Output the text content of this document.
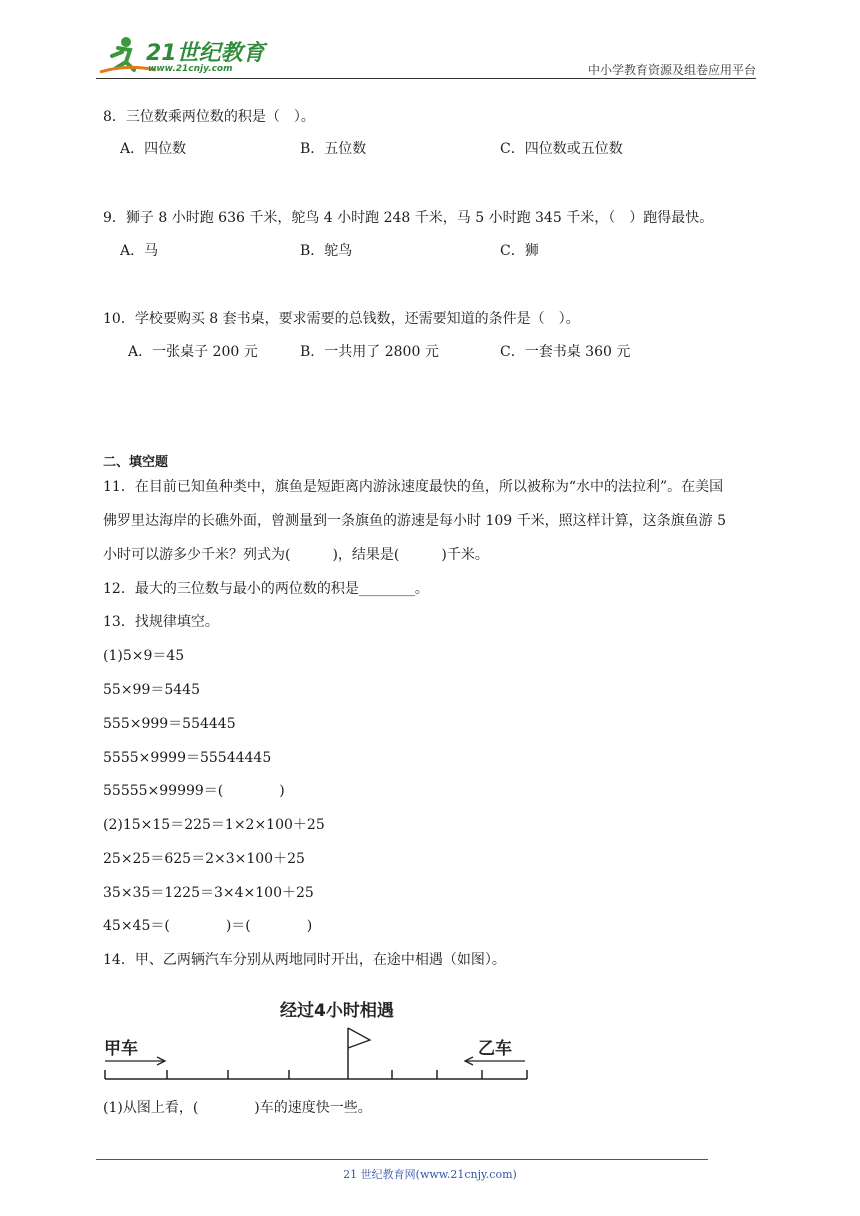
21世纪教育
www.21cnjy.com	中小学教育资源及组卷应用平台
8．三位数乘两位数的积是（　）。
A．四位数	B．五位数	C．四位数或五位数
9．狮子 8 小时跑 636 千米，鸵鸟 4 小时跑 248 千米，马 5 小时跑 345 千米，（　）跑得最快。
A．马	B．鸵鸟	C．狮
10．学校要购买 8 套书桌，要求需要的总钱数，还需要知道的条件是（　）。
A．一张桌子 200 元	B．一共用了 2800 元	C．一套书桌 360 元
二、填空题
11．在目前已知鱼种类中，旗鱼是短距离内游泳速度最快的鱼，所以被称为“水中的法拉利”。在美国
佛罗里达海岸的长礁外面，曾测量到一条旗鱼的游速是每小时 109 千米，照这样计算，这条旗鱼游 5
小时可以游多少千米？列式为(　　　)，结果是(　　　)千米。
12．最大的三位数与最小的两位数的积是________。
13．找规律填空。
(1)5×9＝45
55×99＝5445
555×999＝554445
5555×9999＝55544445
55555×99999＝(　　　　)
(2)15×15＝225＝1×2×100＋25
25×25＝625＝2×3×100＋25
35×35＝1225＝3×4×100＋25
45×45＝(　　　　)＝(　　　　)
14．甲、乙两辆汽车分别从两地同时开出，在途中相遇（如图）。
经过4小时相遇
甲车	乙车
(1)从图上看，(　　　　)车的速度快一些。
21 世纪教育网(www.21cnjy.com)
